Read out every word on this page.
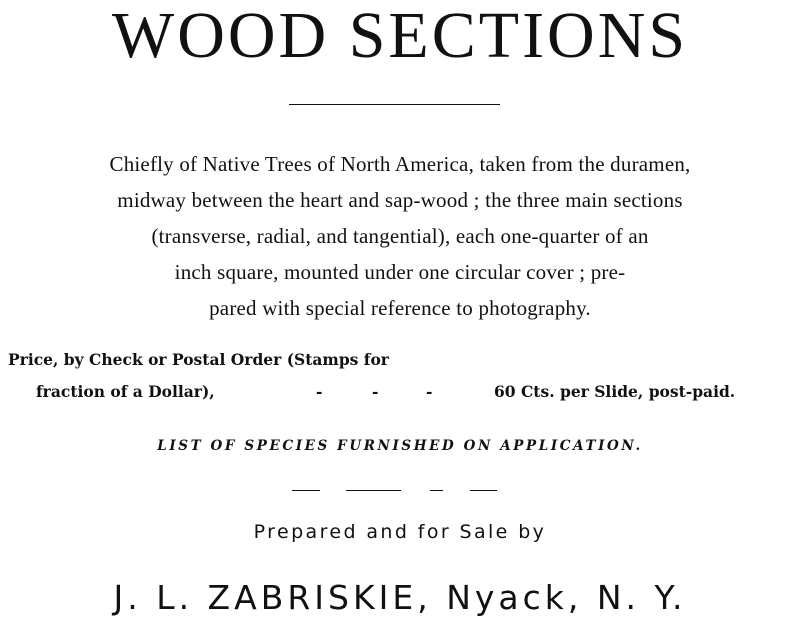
WOOD SECTIONS
Chiefly of Native Trees of North America, taken from the duramen,
midway between the heart and sap-wood ; the three main sections
(transverse, radial, and tangential), each one-quarter of an
inch square, mounted under one circular cover ; pre-
pared with special reference to photography.
Price, by Check or Postal Order (Stamps for
fraction of a Dollar),	-	-	-	60 Cts. per Slide, post-paid.
LIST OF SPECIES FURNISHED ON APPLICATION.
Prepared and for Sale by
J. L. ZABRISKIE, Nyack, N. Y.
